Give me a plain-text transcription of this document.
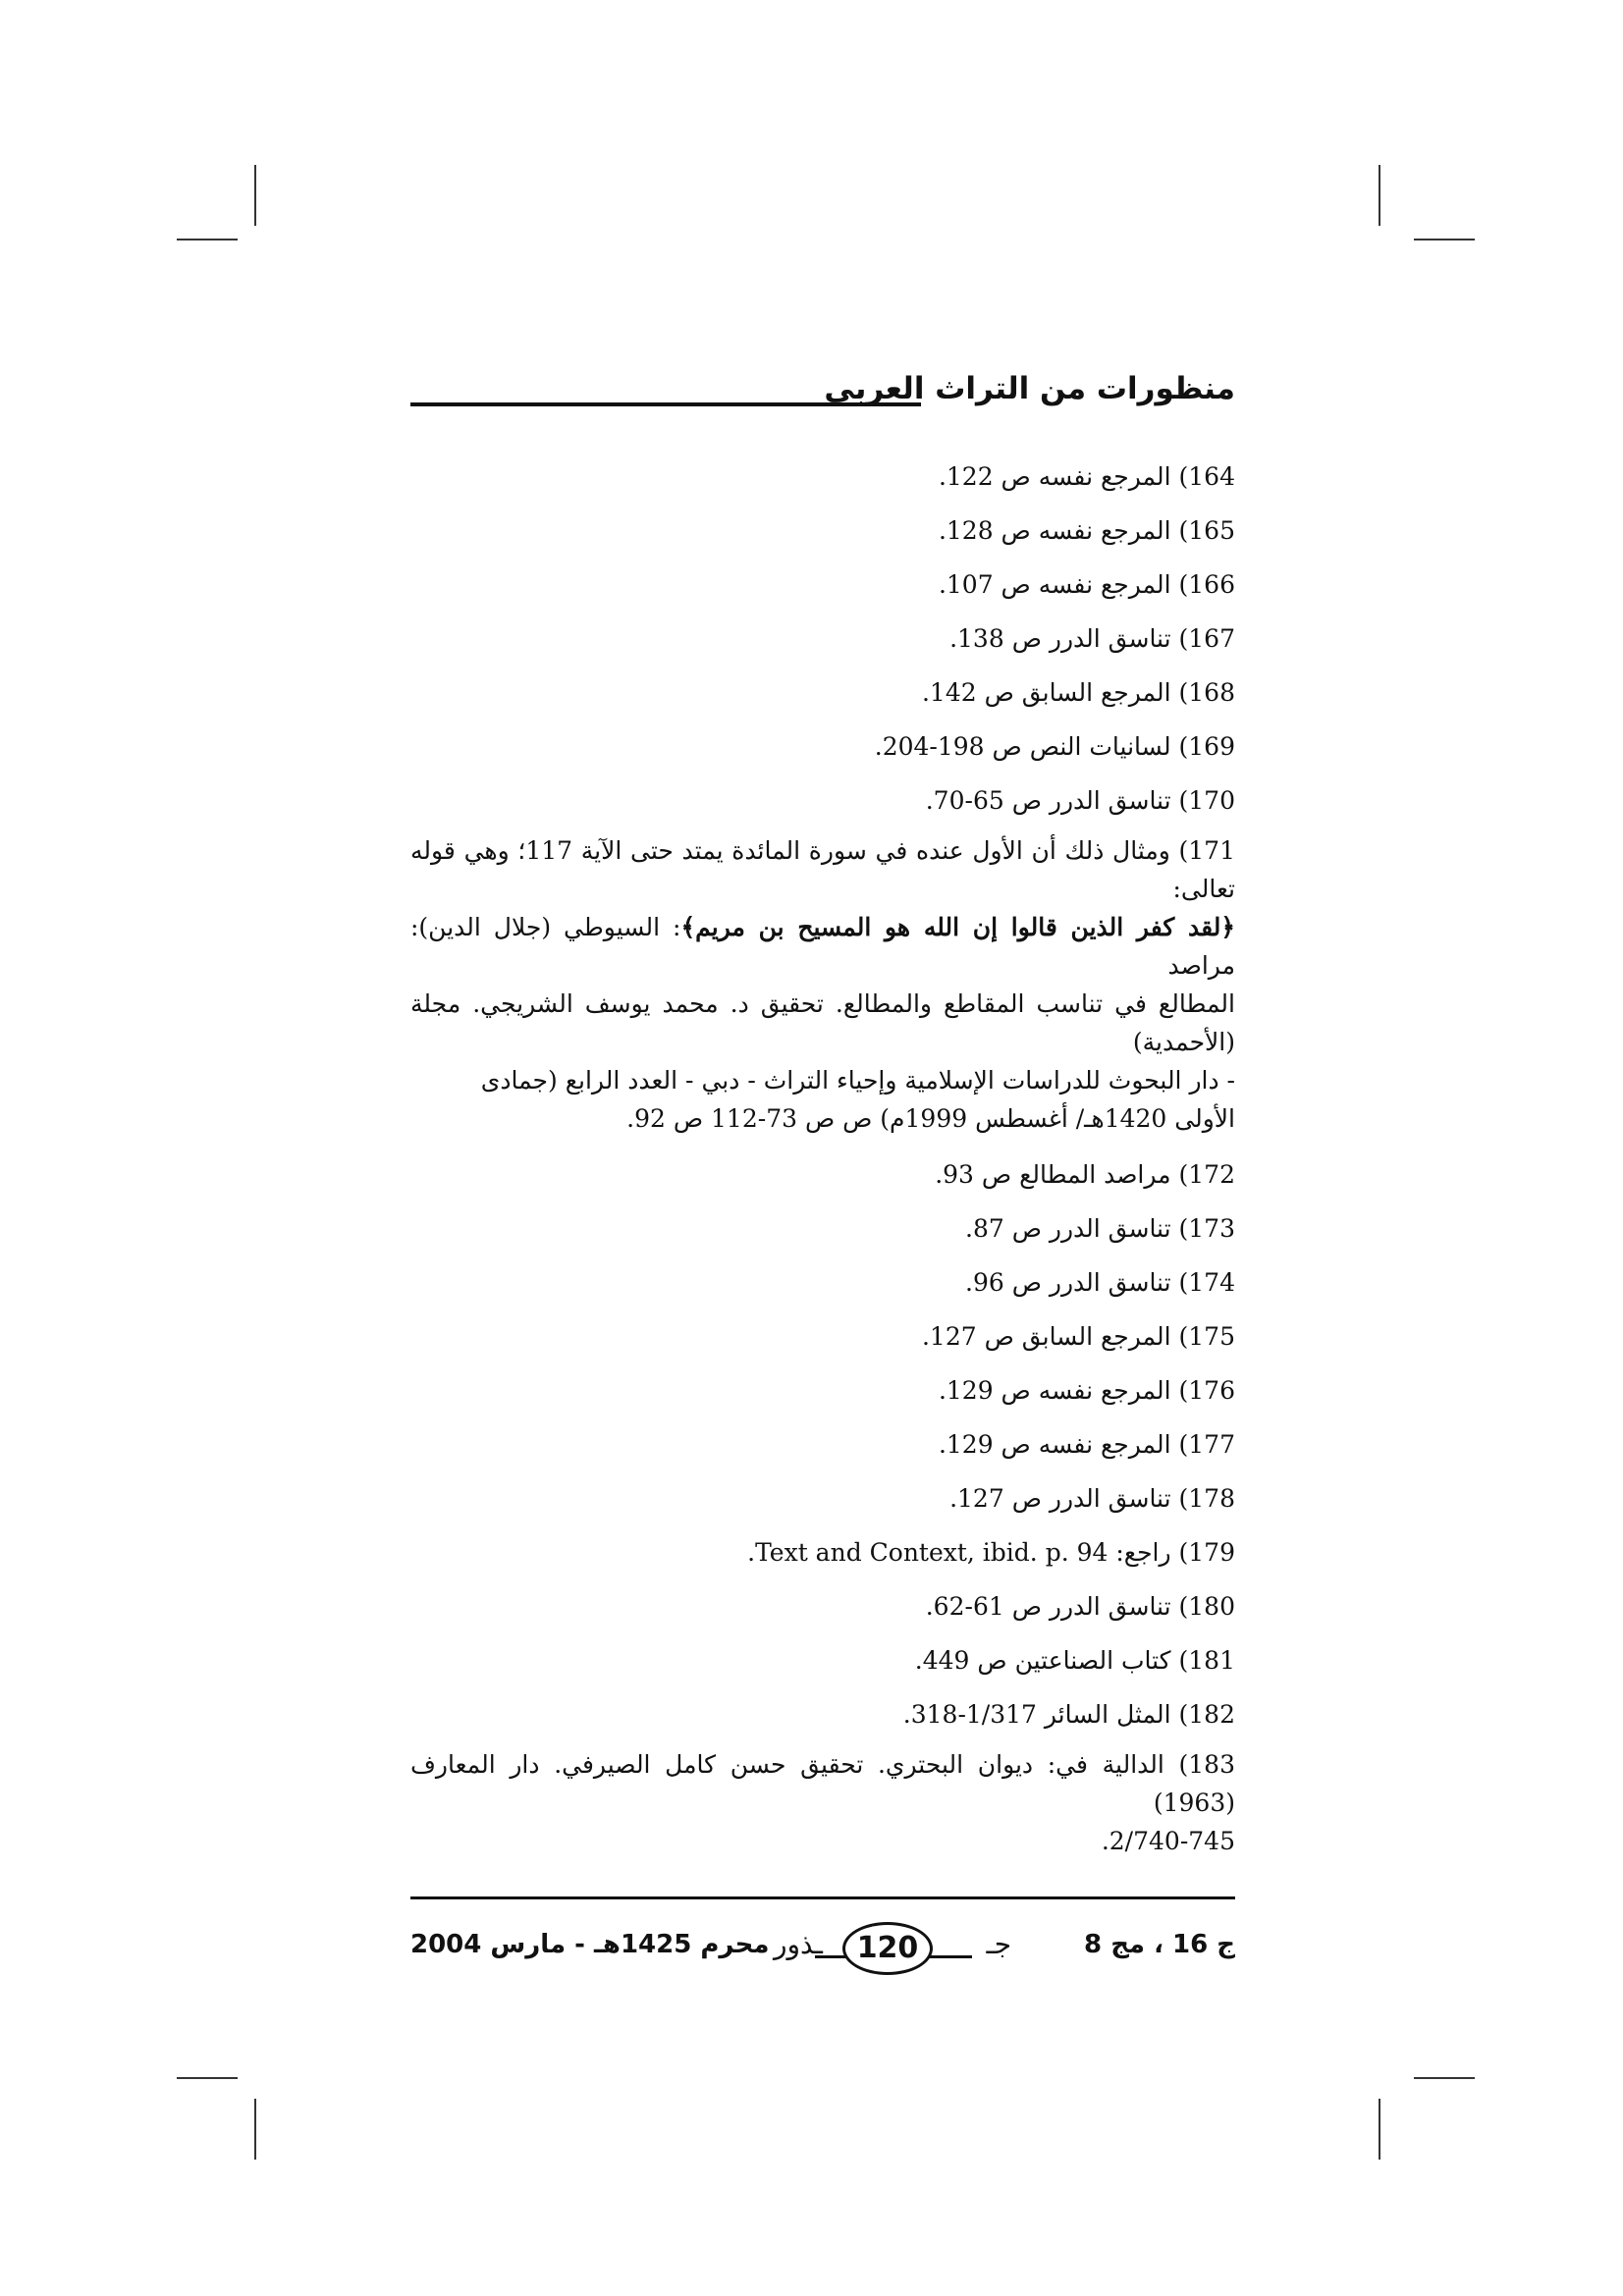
منظورات من التراث العربي
164) المرجع نفسه ص 122.
165) المرجع نفسه ص 128.
166) المرجع نفسه ص 107.
167) تناسق الدرر ص 138.
168) المرجع السابق ص 142.
169) لسانيات النص ص 198-204.
170) تناسق الدرر ص 65-70.
171) ومثال ذلك أن الأول عنده في سورة المائدة يمتد حتى الآية 117؛ وهي قوله تعالى:
﴿لقد كفر الذين قالوا إن الله هو المسيح بن مريم﴾: السيوطي (جلال الدين): مراصد
المطالع في تناسب المقاطع والمطالع. تحقيق د. محمد يوسف الشريجي. مجلة (الأحمدية)
- دار البحوث للدراسات الإسلامية وإحياء التراث - دبي - العدد الرابع (جمادى
الأولى 1420هـ/ أغسطس 1999م) ص ص 73-112 ص 92.
172) مراصد المطالع ص 93.
173) تناسق الدرر ص 87.
174) تناسق الدرر ص 96.
175) المرجع السابق ص 127.
176) المرجع نفسه ص 129.
177) المرجع نفسه ص 129.
178) تناسق الدرر ص 127.
179) راجع: Text and Context, ibid. p. 94.
180) تناسق الدرر ص 61-62.
181) كتاب الصناعتين ص 449.
182) المثل السائر 1/317-318.
183) الدالية في: ديوان البحتري. تحقيق حسن كامل الصيرفي. دار المعارف (1963)
2/740-745.
ج 16 ، مج 8
جـ
ـذور	120
محرم 1425هـ - مارس 2004
